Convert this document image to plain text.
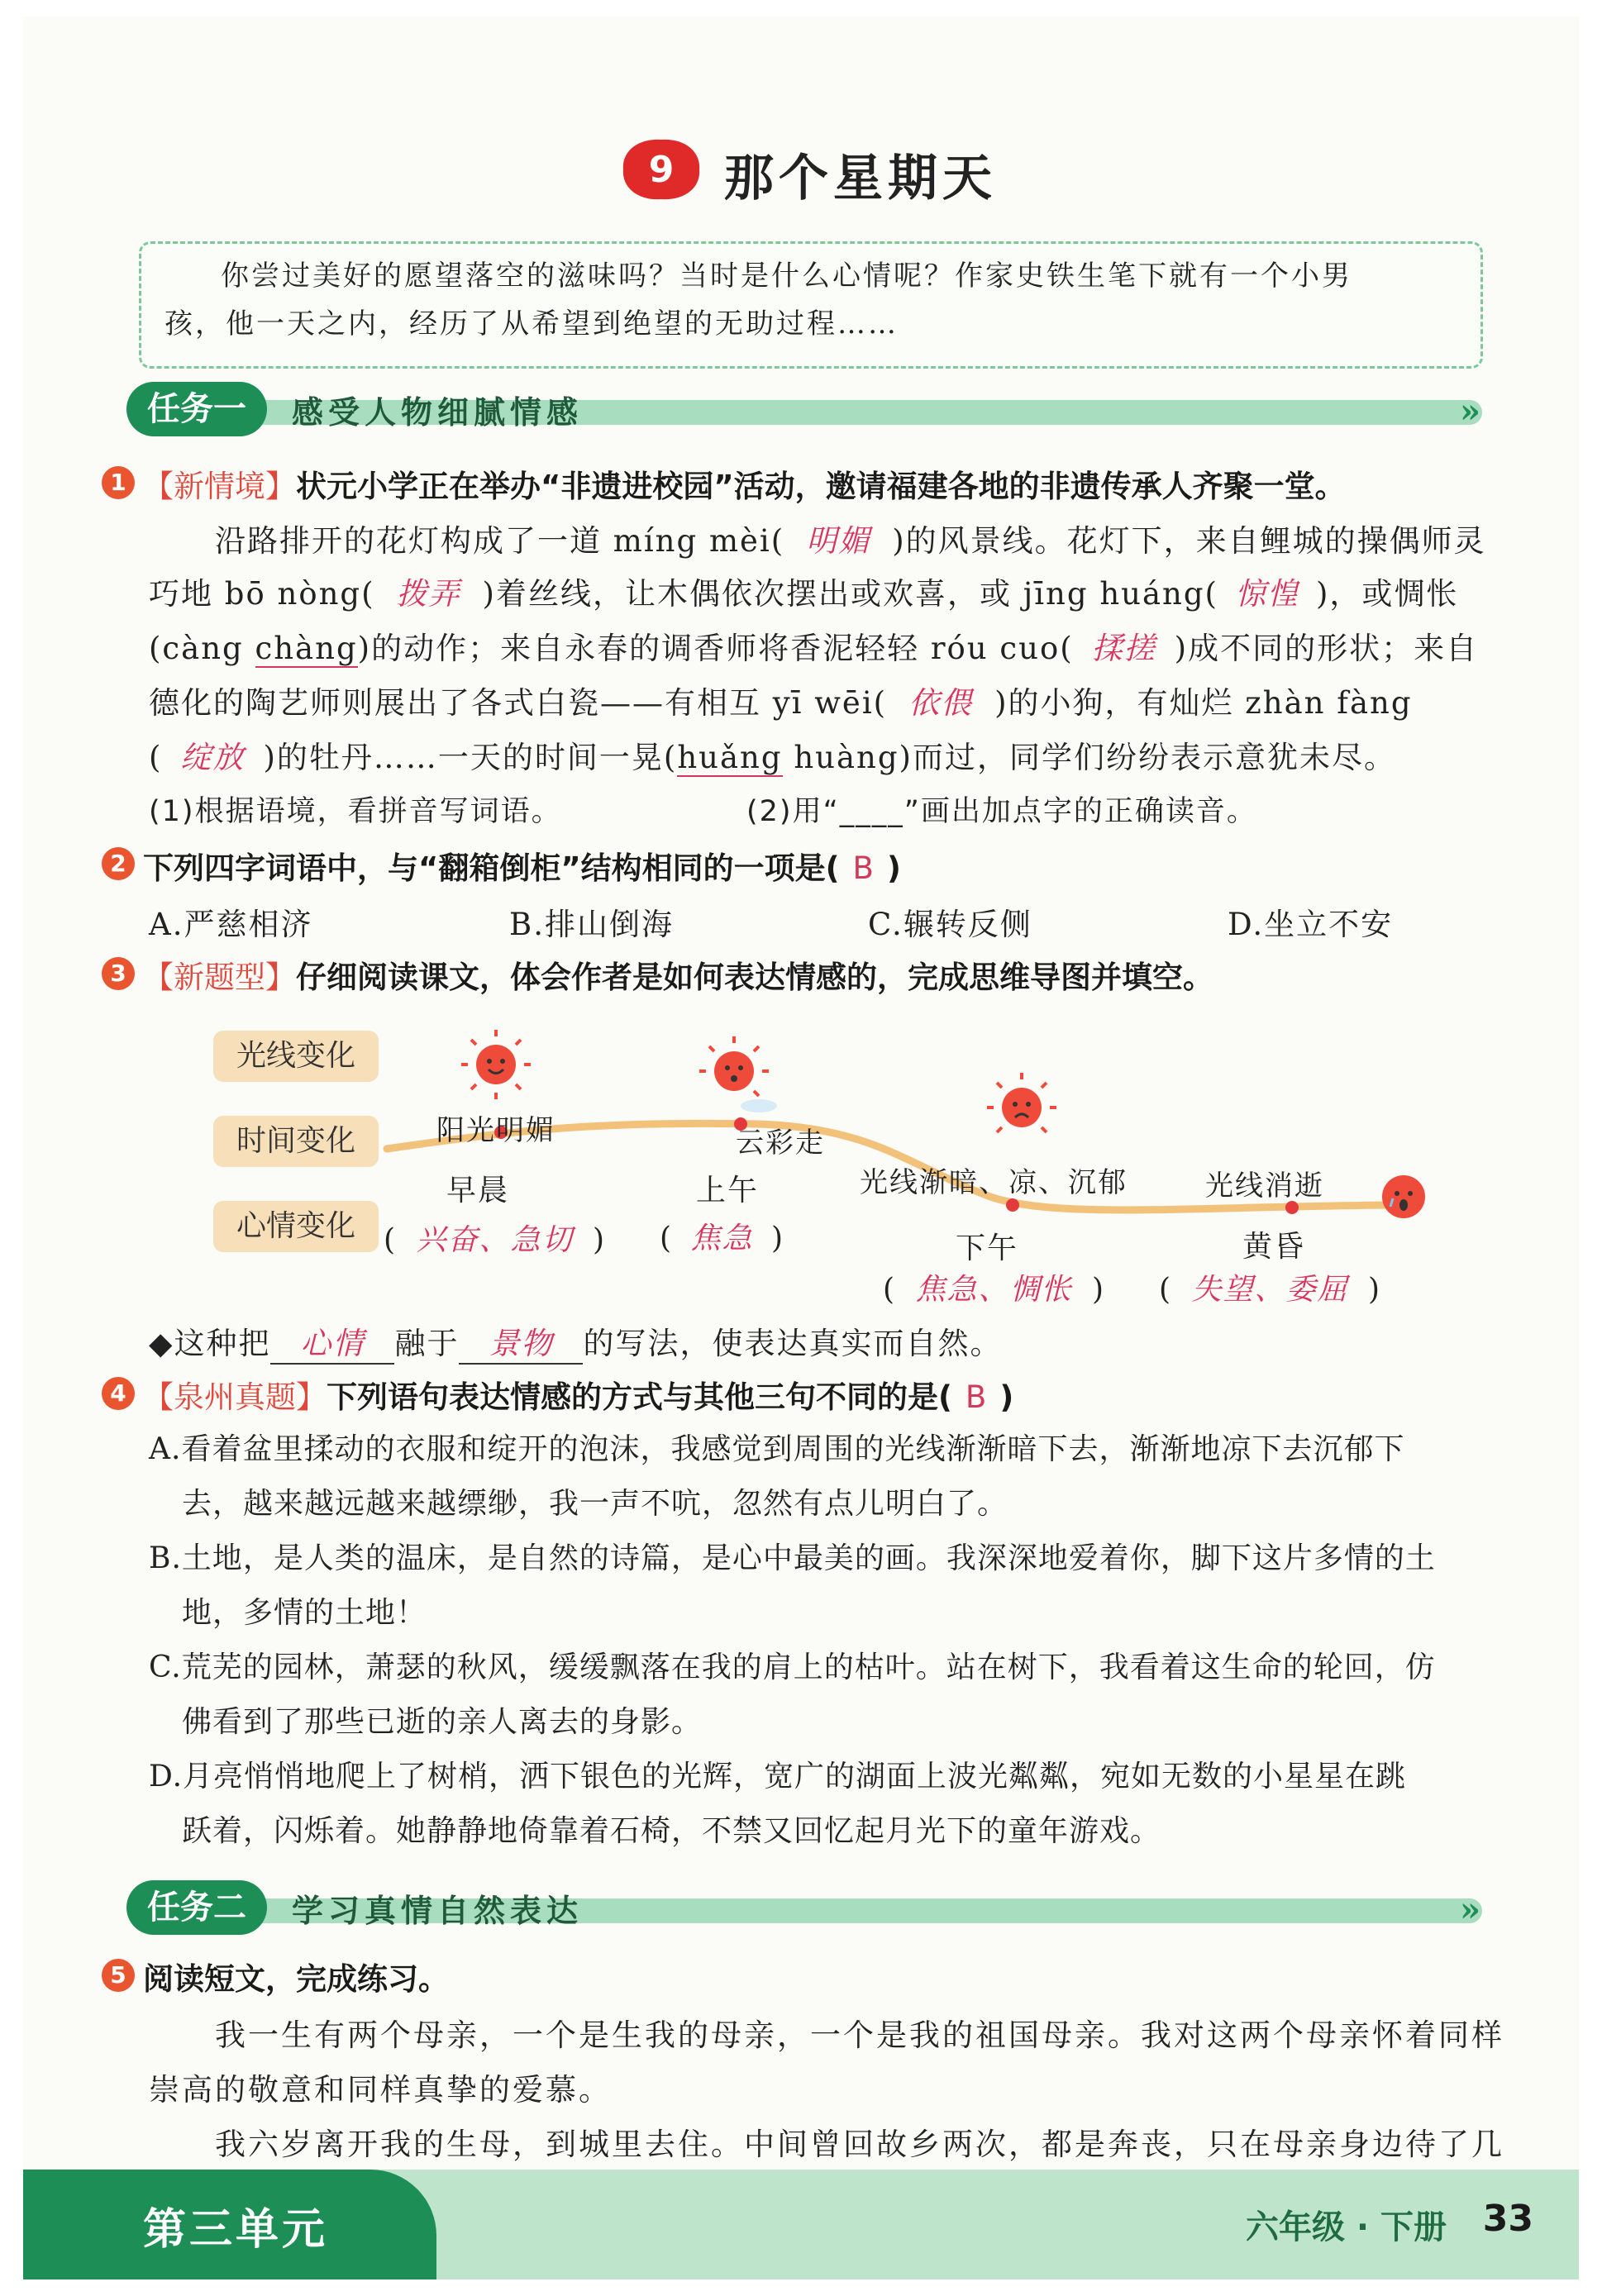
9 那个星期天

你尝过美好的愿望落空的滋味吗？当时是什么心情呢？作家史铁生笔下就有一个小男

孩，他一天之内，经历了从希望到绝望的无助过程……

任务一	感受人物细腻情感	»
1 【新情境】状元小学正在举办“非遗进校园”活动，邀请福建各地的非遗传承人齐聚一堂。
沿路排开的花灯构成了一道 míng mèi( 明媚 )的风景线。花灯下，来自鲤城的操偶师灵
巧地 bō nòng( 拨弄 )着丝线，让木偶依次摆出或欢喜，或 jīng huáng( 惊惶 )，或惆怅
(càng chàng)的动作；来自永春的调香师将香泥轻轻 róu cuo( 揉搓 )成不同的形状；来自
德化的陶艺师则展出了各式白瓷——有相互 yī wēi( 依偎 )的小狗，有灿烂 zhàn fàng
( 绽放 )的牡丹……一天的时间一晃(huǎng huàng)而过，同学们纷纷表示意犹未尽。
(1)根据语境，看拼音写词语。	(2)用“____”画出加点字的正确读音。
2 下列四字词语中，与“翻箱倒柜”结构相同的一项是( B )
A.严慈相济	B.排山倒海	C.辗转反侧	D.坐立不安
3 【新题型】仔细阅读课文，体会作者是如何表达情感的，完成思维导图并填空。
光线变化
时间变化
心情变化
阳光明媚	云彩走
光线渐暗、凉、沉郁	光线消逝
早晨	上午
下午	黄昏
( 兴奋、急切 ) ( 焦急 )
( 焦急、惆怅 ) ( 失望、委屈 )
◆这种把 心情 融于 景物 的写法，使表达真实而自然。
4 【泉州真题】下列语句表达情感的方式与其他三句不同的是( B )
A.看着盆里揉动的衣服和绽开的泡沫，我感觉到周围的光线渐渐暗下去，渐渐地凉下去沉郁下
去，越来越远越来越缥缈，我一声不吭，忽然有点儿明白了。
B.土地，是人类的温床，是自然的诗篇，是心中最美的画。我深深地爱着你，脚下这片多情的土
地，多情的土地！
C.荒芜的园林，萧瑟的秋风，缓缓飘落在我的肩上的枯叶。站在树下，我看着这生命的轮回，仿
佛看到了那些已逝的亲人离去的身影。
D.月亮悄悄地爬上了树梢，洒下银色的光辉，宽广的湖面上波光粼粼，宛如无数的小星星在跳
跃着，闪烁着。她静静地倚靠着石椅，不禁又回忆起月光下的童年游戏。
任务二	学习真情自然表达	»
5 阅读短文，完成练习。
我一生有两个母亲，一个是生我的母亲，一个是我的祖国母亲。我对这两个母亲怀着同样
崇高的敬意和同样真挚的爱慕。
我六岁离开我的生母，到城里去住。中间曾回故乡两次，都是奔丧，只在母亲身边待了几
第三单元	六年级 · 下册 33
